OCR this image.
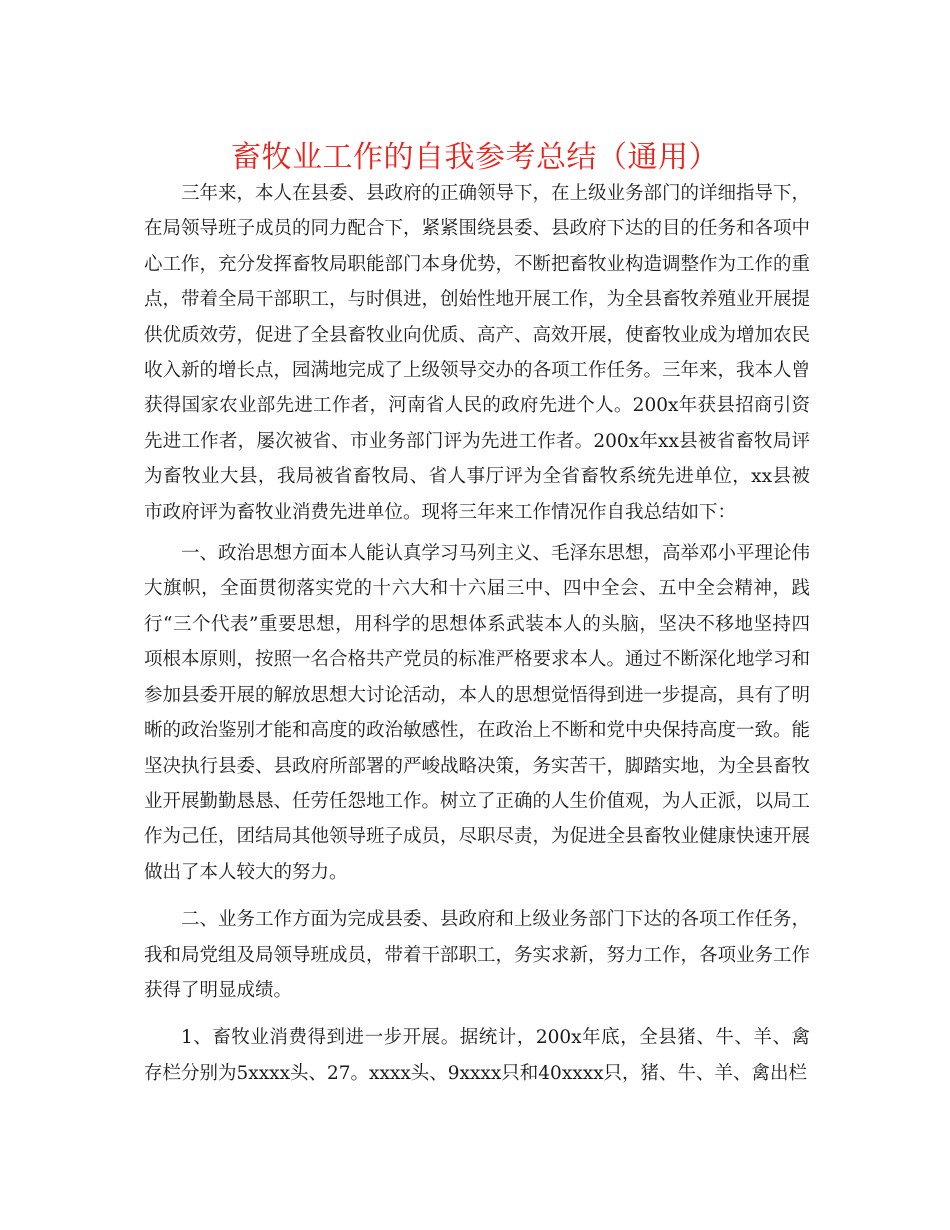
畜牧业工作的自我参考总结（通用）

三年来，本人在县委、县政府的正确领导下，在上级业务部门的详细指导下，在局领导班子成员的同力配合下，紧紧围绕县委、县政府下达的目的任务和各项中心工作，充分发挥畜牧局职能部门本身优势，不断把畜牧业构造调整作为工作的重点，带着全局干部职工，与时俱进，创始性地开展工作，为全县畜牧养殖业开展提供优质效劳，促进了全县畜牧业向优质、高产、高效开展，使畜牧业成为增加农民收入新的增长点，园满地完成了上级领导交办的各项工作任务。三年来，我本人曾获得国家农业部先进工作者，河南省人民的政府先进个人。200x年获县招商引资先进工作者，屡次被省、市业务部门评为先进工作者。200x年xx县被省畜牧局评为畜牧业大县，我局被省畜牧局、省人事厅评为全省畜牧系统先进单位，xx县被市政府评为畜牧业消费先进单位。现将三年来工作情况作自我总结如下：

一、政治思想方面本人能认真学习马列主义、毛泽东思想，高举邓小平理论伟大旗帜，全面贯彻落实党的十六大和十六届三中、四中全会、五中全会精神，践行“三个代表”重要思想，用科学的思想体系武装本人的头脑，坚决不移地坚持四项根本原则，按照一名合格共产党员的标准严格要求本人。通过不断深化地学习和参加县委开展的解放思想大讨论活动，本人的思想觉悟得到进一步提高，具有了明晰的政治鉴别才能和高度的政治敏感性，在政治上不断和党中央保持高度一致。能坚决执行县委、县政府所部署的严峻战略决策，务实苦干，脚踏实地，为全县畜牧业开展勤勤恳恳、任劳任怨地工作。树立了正确的人生价值观，为人正派，以局工作为己任，团结局其他领导班子成员，尽职尽责，为促进全县畜牧业健康快速开展做出了本人较大的努力。

二、业务工作方面为完成县委、县政府和上级业务部门下达的各项工作任务，我和局党组及局领导班成员，带着干部职工，务实求新，努力工作，各项业务工作获得了明显成绩。

1、畜牧业消费得到进一步开展。据统计，200x年底，全县猪、牛、羊、禽存栏分别为5xxxx头、27。xxxx头、9xxxx只和40xxxx只，猪、牛、羊、禽出栏
